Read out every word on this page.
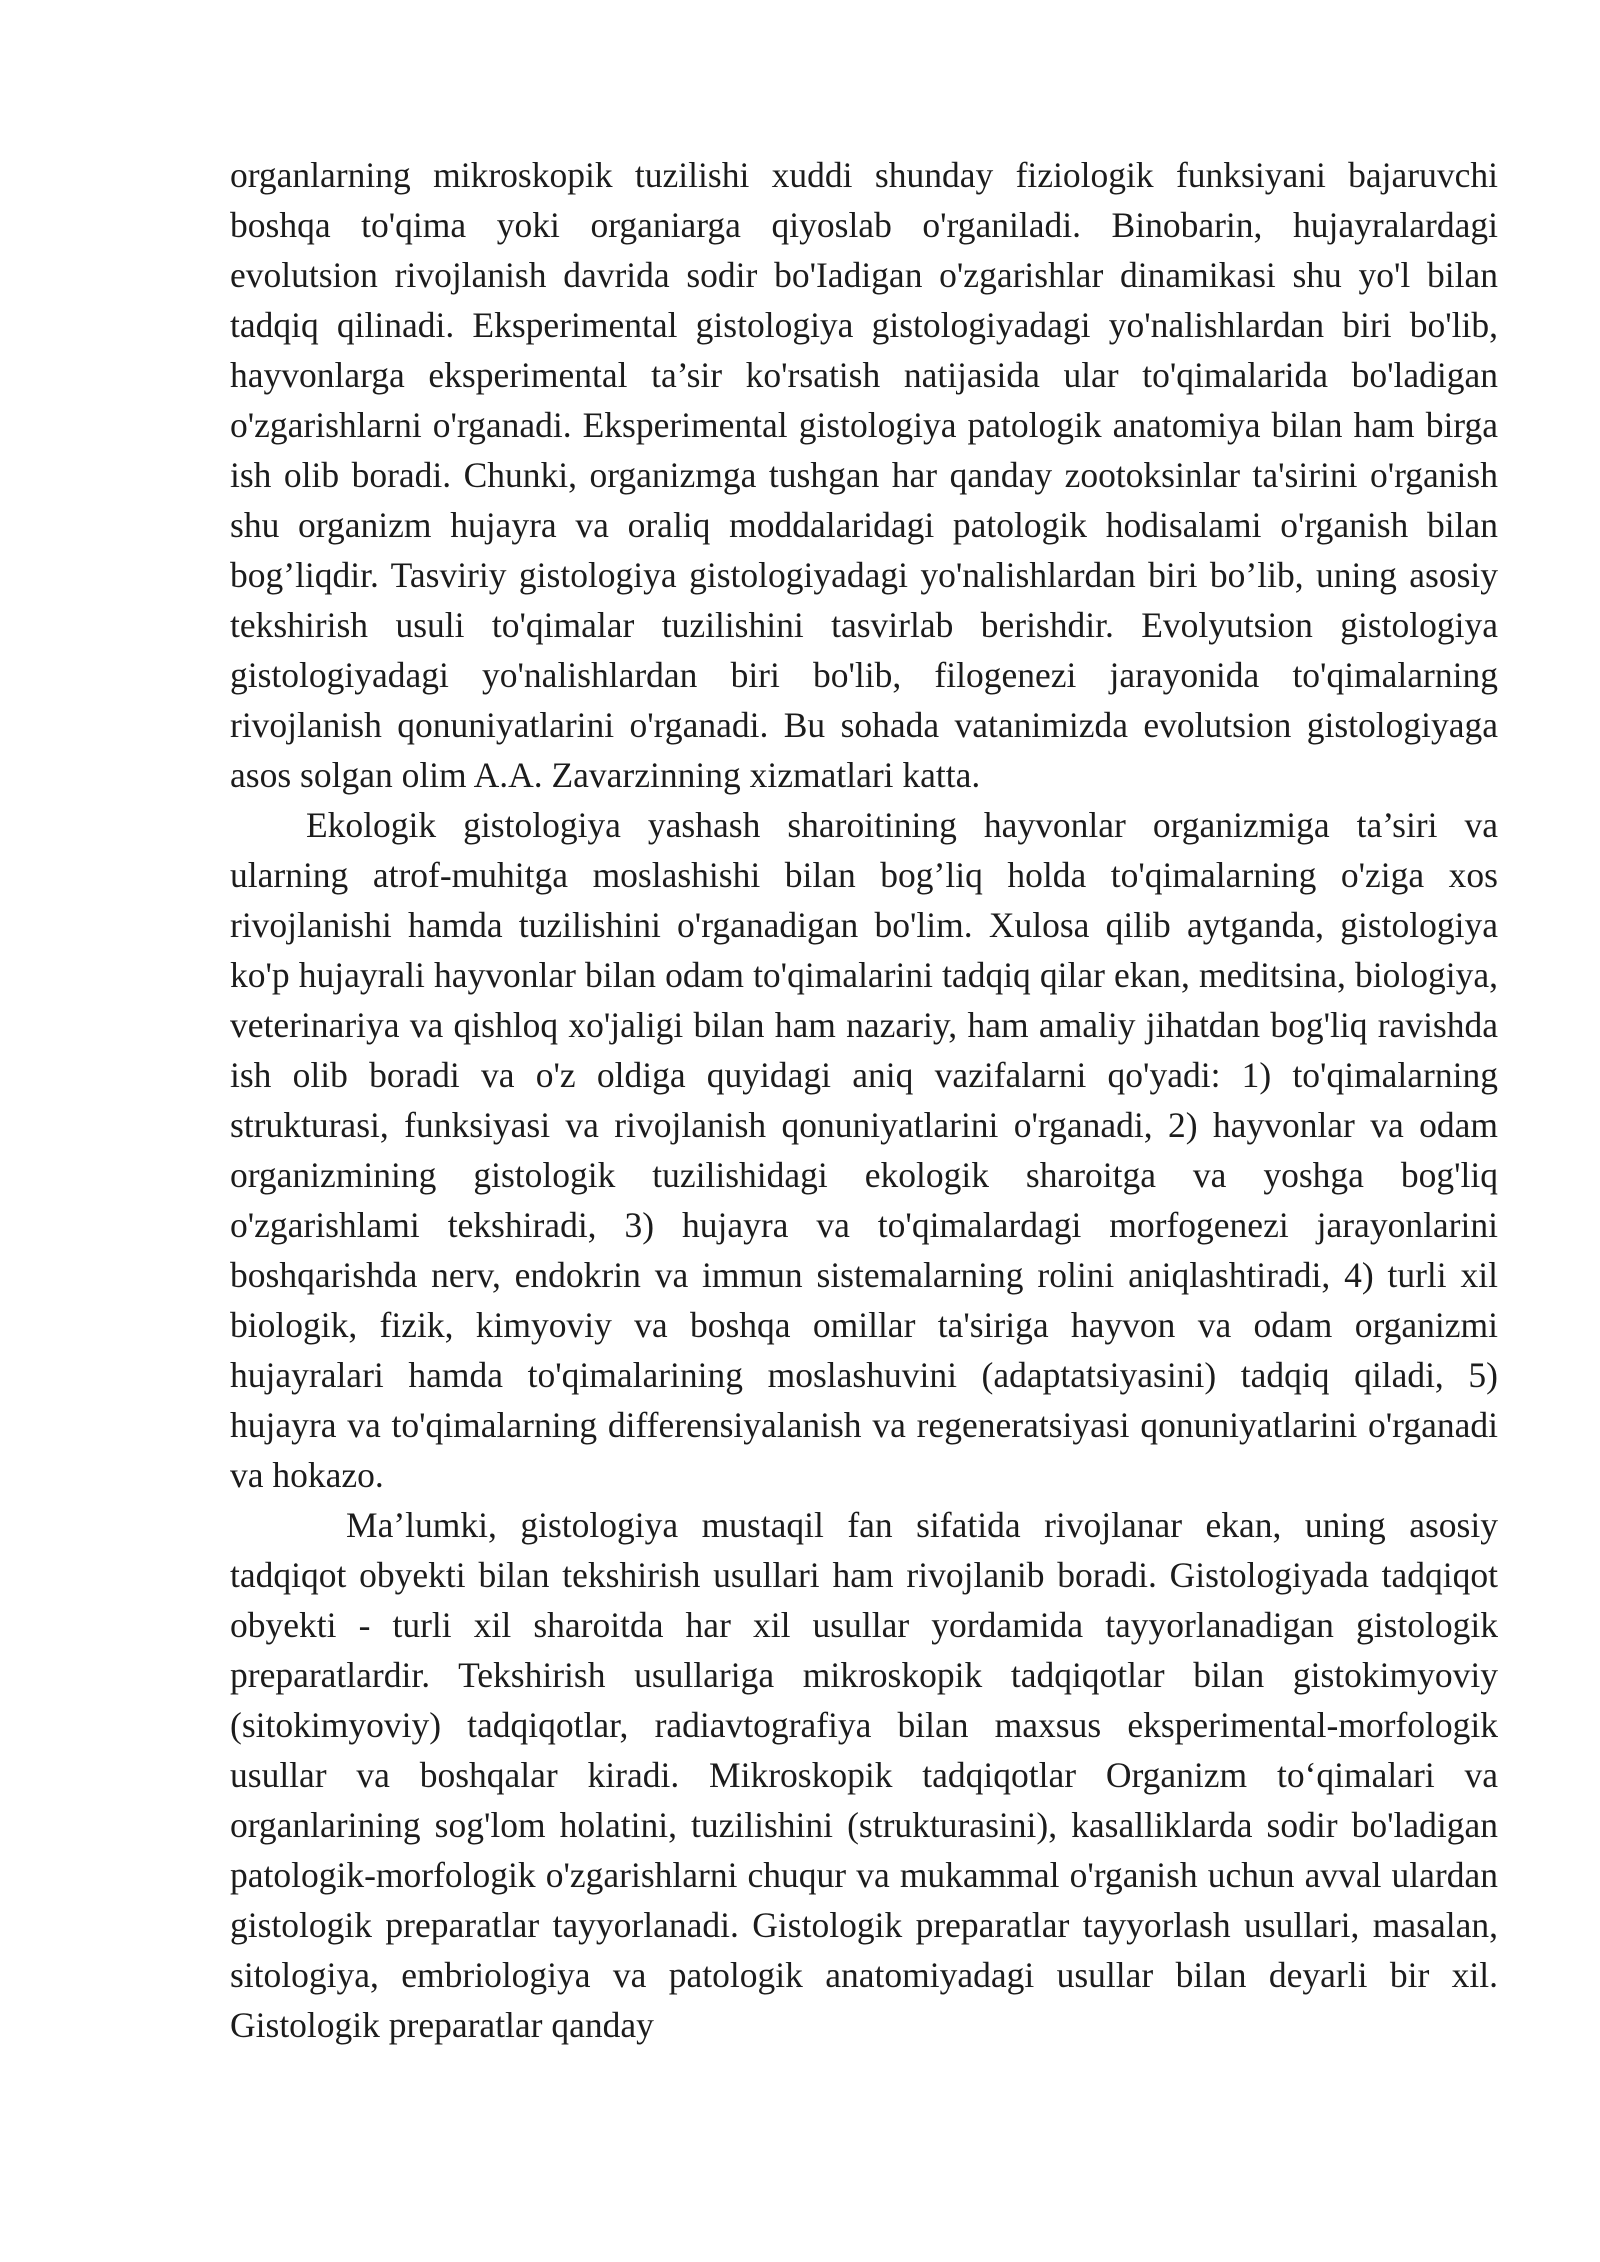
organlarning mikroskopik tuzilishi xuddi shunday fiziologik funksiyani bajaruvchi boshqa to'qima yoki organiarga qiyoslab o'rganiladi. Binobarin, hujayralardagi evolutsion rivojlanish davrida sodir bo'Iadigan o'zgarishlar dinamikasi shu yo'l bilan tadqiq qilinadi. Eksperimental gistologiya gistologiyadagi yo'nalishlardan biri bo'lib, hayvonlarga eksperimental ta’sir ko'rsatish natijasida ular to'qimalarida bo'ladigan o'zgarishlarni o'rganadi. Eksperimental gistologiya patologik anatomiya bilan ham birga ish olib boradi. Chunki, organizmga tushgan har qanday zootoksinlar ta'sirini o'rganish shu organizm hujayra va oraliq moddalaridagi patologik hodisalami o'rganish bilan bog’liqdir. Tasviriy gistologiya gistologiyadagi yo'nalishlardan biri bo’lib, uning asosiy tekshirish usuli to'qimalar tuzilishini tasvirlab berishdir. Evolyutsion gistologiya gistologiyadagi yo'nalishlardan biri bo'lib, filogenezi jarayonida to'qimalarning rivojlanish qonuniyatlarini o'rganadi. Bu sohada vatanimizda evolutsion gistologiyaga asos solgan olim A.A. Zavarzinning xizmatlari katta.

Ekologik gistologiya yashash sharoitining hayvonlar organizmiga ta’siri va ularning atrof-muhitga moslashishi bilan bog’liq holda to'qimalarning o'ziga xos rivojlanishi hamda tuzilishini o'rganadigan bo'lim. Xulosa qilib aytganda, gistologiya ko'p hujayrali hayvonlar bilan odam to'qimalarini tadqiq qilar ekan, meditsina, biologiya, veterinariya va qishloq xo'jaligi bilan ham nazariy, ham amaliy jihatdan bog'liq ravishda ish olib boradi va o'z oldiga quyidagi aniq vazifalarni qo'yadi: 1) to'qimalarning strukturasi, funksiyasi va rivojlanish qonuniyatlarini o'rganadi, 2) hayvonlar va odam organizmining gistologik tuzilishidagi ekologik sharoitga va yoshga bog'liq o'zgarishlami tekshiradi, 3) hujayra va to'qimalardagi morfogenezi jarayonlarini boshqarishda nerv, endokrin va immun sistemalarning rolini aniqlashtiradi, 4) turli xil biologik, fizik, kimyoviy va boshqa omillar ta'siriga hayvon va odam organizmi hujayralari hamda to'qimalarining moslashuvini (adaptatsiyasini) tadqiq qiladi, 5) hujayra va to'qimalarning differensiyalanish va regeneratsiyasi qonuniyatlarini o'rganadi va hokazo.

Ma’lumki, gistologiya mustaqil fan sifatida rivojlanar ekan, uning asosiy tadqiqot obyekti bilan tekshirish usullari ham rivojlanib boradi. Gistologiyada tadqiqot obyekti - turli xil sharoitda har xil usullar yordamida tayyorlanadigan gistologik preparatlardir. Tekshirish usullariga mikroskopik tadqiqotlar bilan gistokimyoviy (sitokimyoviy) tadqiqotlar, radiavtografiya bilan maxsus eksperimental-morfologik usullar va boshqalar kiradi. Mikroskopik tadqiqotlar Organizm to‘qimalari va organlarining sog'lom holatini, tuzilishini (strukturasini), kasalliklarda sodir bo'ladigan patologik-morfologik o'zgarishlarni chuqur va mukammal o'rganish uchun avval ulardan gistologik preparatlar tayyorlanadi. Gistologik preparatlar tayyorlash usullari, masalan, sitologiya, embriologiya va patologik anatomiyadagi usullar bilan deyarli bir xil. Gistologik preparatlar qanday
